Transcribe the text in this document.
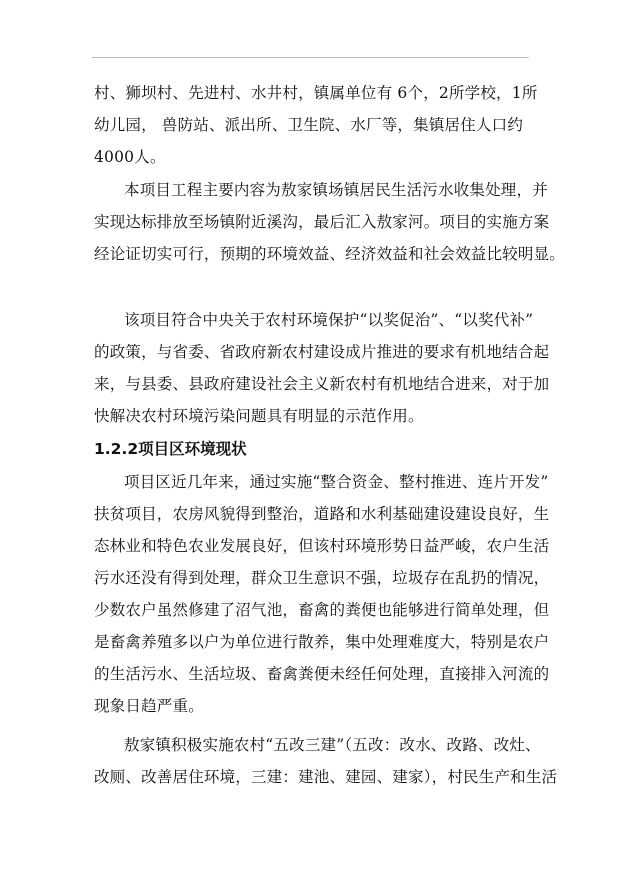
村、狮坝村、先进村、水井村，镇属单位有 6个，2所学校，1所
幼儿园， 兽防站、派出所、卫生院、水厂等，集镇居住人口约
4000人。
本项目工程主要内容为敖家镇场镇居民生活污水收集处理，并
实现达标排放至场镇附近溪沟，最后汇入敖家河。项目的实施方案
经论证切实可行，预期的环境效益、经济效益和社会效益比较明显。
该项目符合中央关于农村环境保护“以奖促治”、“以奖代补”
的政策，与省委、省政府新农村建设成片推进的要求有机地结合起
来，与县委、县政府建设社会主义新农村有机地结合进来，对于加
快解决农村环境污染问题具有明显的示范作用。
1.2.2项目区环境现状
项目区近几年来，通过实施“整合资金、整村推进、连片开发”
扶贫项目，农房风貌得到整治，道路和水利基础建设建设良好，生
态林业和特色农业发展良好，但该村环境形势日益严峻，农户生活
污水还没有得到处理，群众卫生意识不强，垃圾存在乱扔的情况，
少数农户虽然修建了沼气池，畜禽的粪便也能够进行简单处理，但
是畜禽养殖多以户为单位进行散养，集中处理难度大，特别是农户
的生活污水、生活垃圾、畜禽粪便未经任何处理，直接排入河流的
现象日趋严重。
敖家镇积极实施农村“五改三建”（五改：改水、改路、改灶、
改厕、改善居住环境，三建：建池、建园、建家），村民生产和生活
